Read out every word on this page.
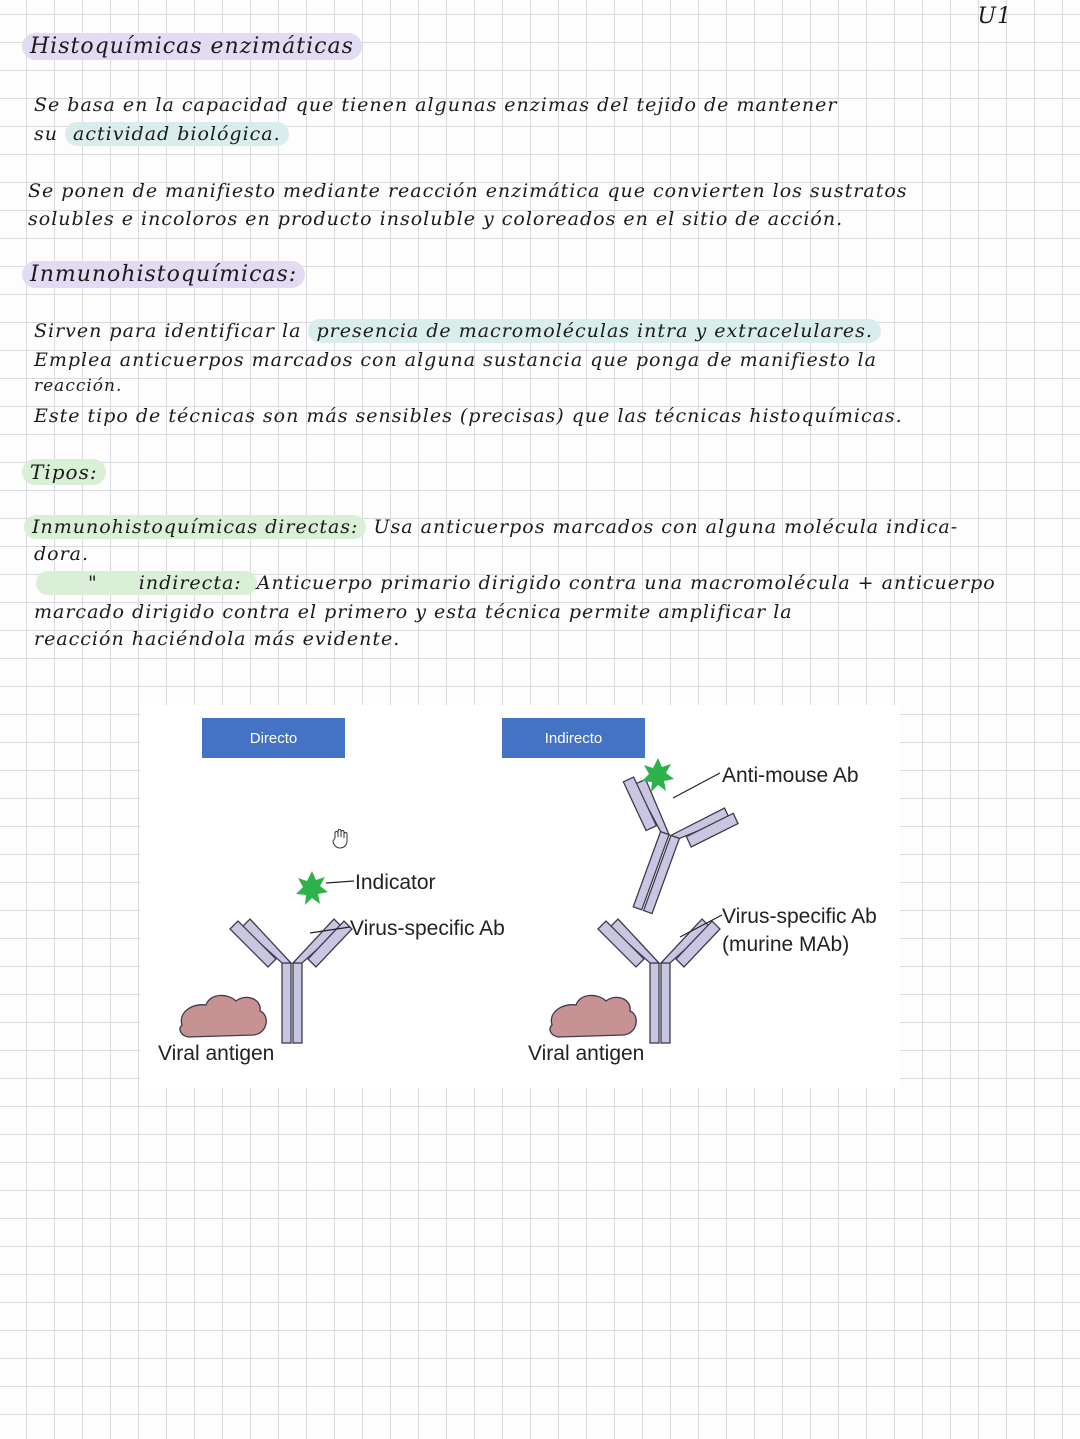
U1
Histoquímicas enzimáticas
Se basa en la capacidad que tienen algunas enzimas del tejido de mantener
su actividad biológica.
Se ponen de manifiesto mediante reacción enzimática que convierten los sustratos
solubles e incoloros en producto insoluble y coloreados en el sitio de acción.
Inmunohistoquímicas:
Sirven para identificar la presencia de macromoléculas intra y extracelulares.
Emplea anticuerpos marcados con alguna sustancia que ponga de manifiesto la
reacción.
Este tipo de técnicas son más sensibles (precisas) que las técnicas histoquímicas.
Tipos:
Inmunohistoquímicas directas: Usa anticuerpos marcados con alguna molécula indica-
dora.
" indirecta: Anticuerpo primario dirigido contra una macromolécula + anticuerpo
marcado dirigido contra el primero y esta técnica permite amplificar la
reacción haciéndola más evidente.
Directo	Indirecto
Indicator
Virus-specific Ab
Viral antigen
Anti-mouse Ab
Virus-specific Ab
(murine MAb)
Viral antigen
